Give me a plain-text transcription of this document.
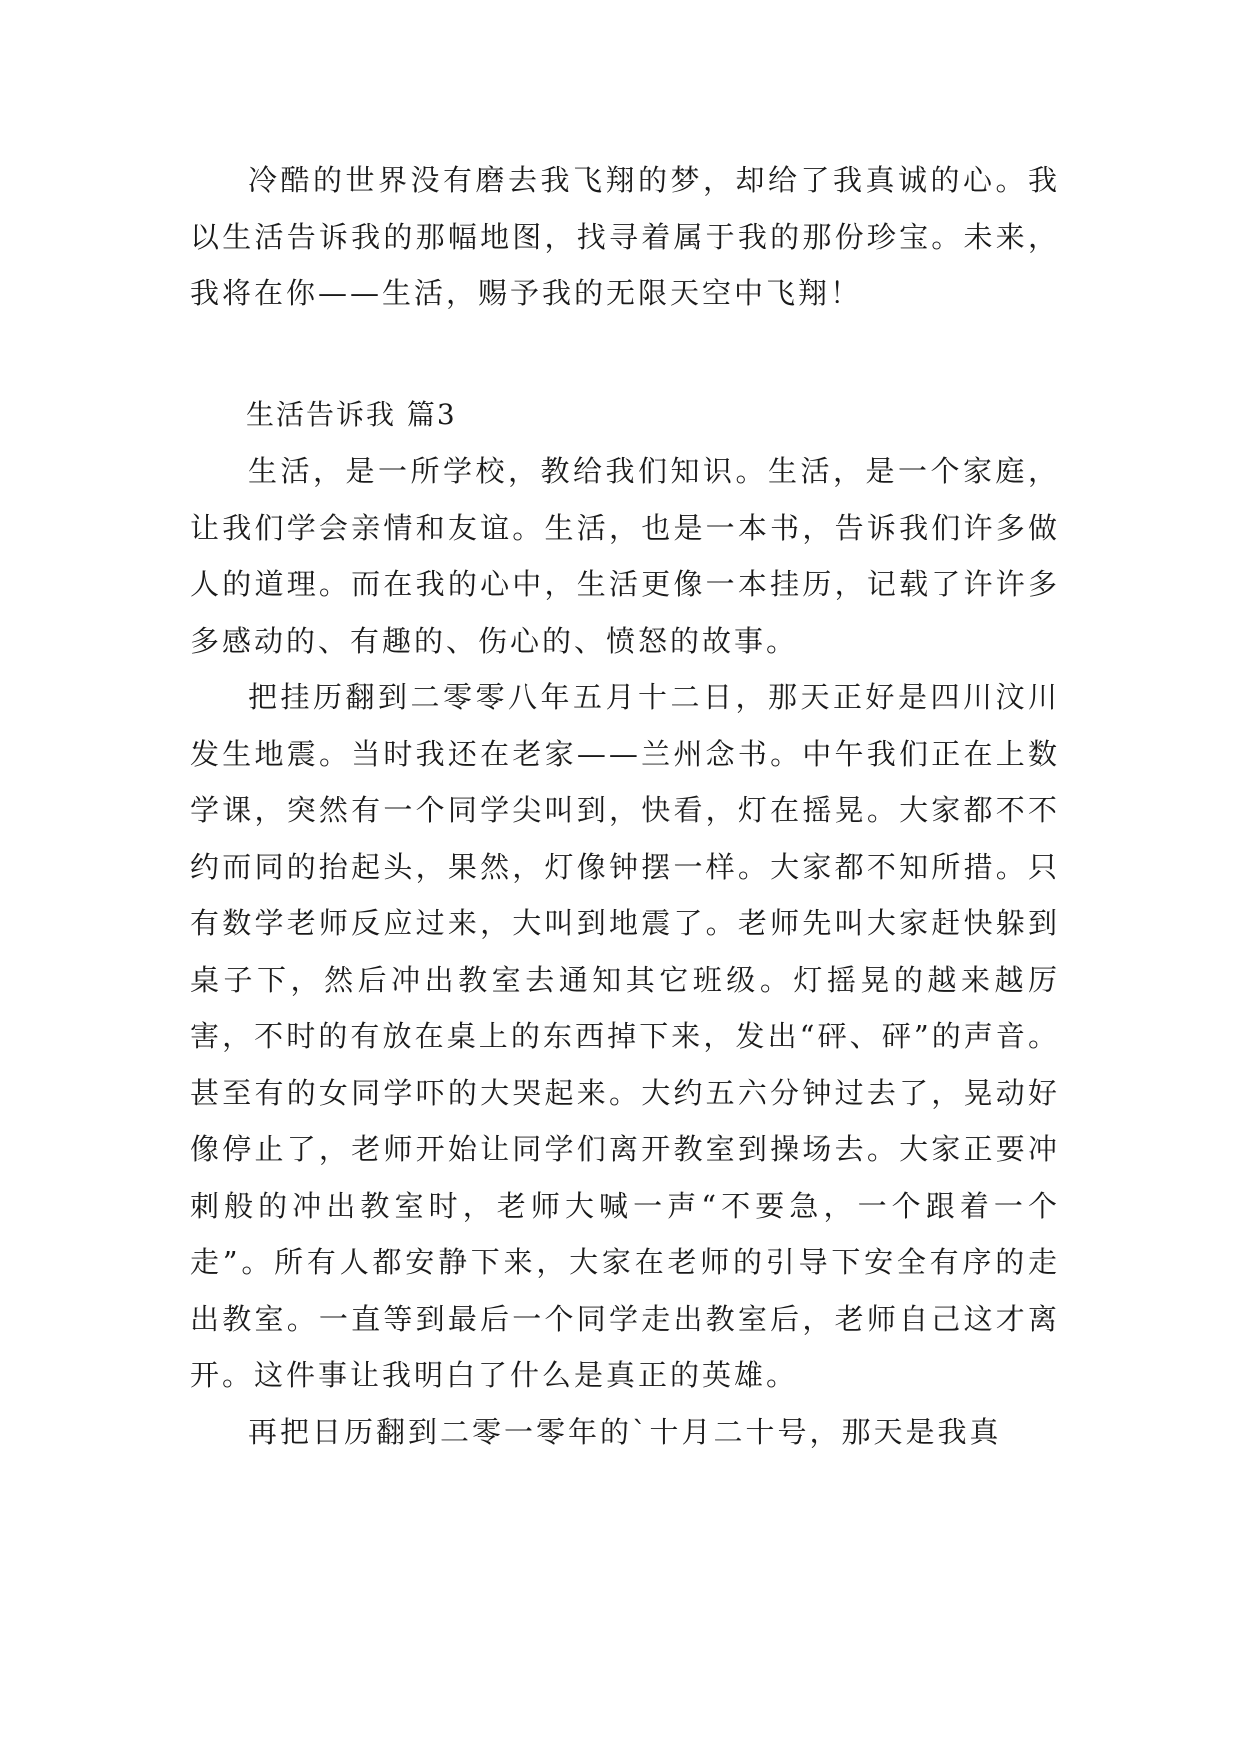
冷酷的世界没有磨去我飞翔的梦，却给了我真诚的心。我以生活告诉我的那幅地图，找寻着属于我的那份珍宝。未来，我将在你——生活，赐予我的无限天空中飞翔！

生活告诉我 篇3

生活，是一所学校，教给我们知识。生活，是一个家庭，让我们学会亲情和友谊。生活，也是一本书，告诉我们许多做人的道理。而在我的心中，生活更像一本挂历，记载了许许多多感动的、有趣的、伤心的、愤怒的故事。

把挂历翻到二零零八年五月十二日，那天正好是四川汶川发生地震。当时我还在老家——兰州念书。中午我们正在上数学课，突然有一个同学尖叫到，快看，灯在摇晃。大家都不不约而同的抬起头，果然，灯像钟摆一样。大家都不知所措。只有数学老师反应过来，大叫到地震了。老师先叫大家赶快躲到桌子下，然后冲出教室去通知其它班级。灯摇晃的越来越厉害，不时的有放在桌上的东西掉下来，发出“砰、砰”的声音。甚至有的女同学吓的大哭起来。大约五六分钟过去了，晃动好像停止了，老师开始让同学们离开教室到操场去。大家正要冲刺般的冲出教室时，老师大喊一声“不要急，一个跟着一个走”。所有人都安静下来，大家在老师的引导下安全有序的走出教室。一直等到最后一个同学走出教室后，老师自己这才离开。这件事让我明白了什么是真正的英雄。

再把日历翻到二零一零年的`十月二十号，那天是我真
